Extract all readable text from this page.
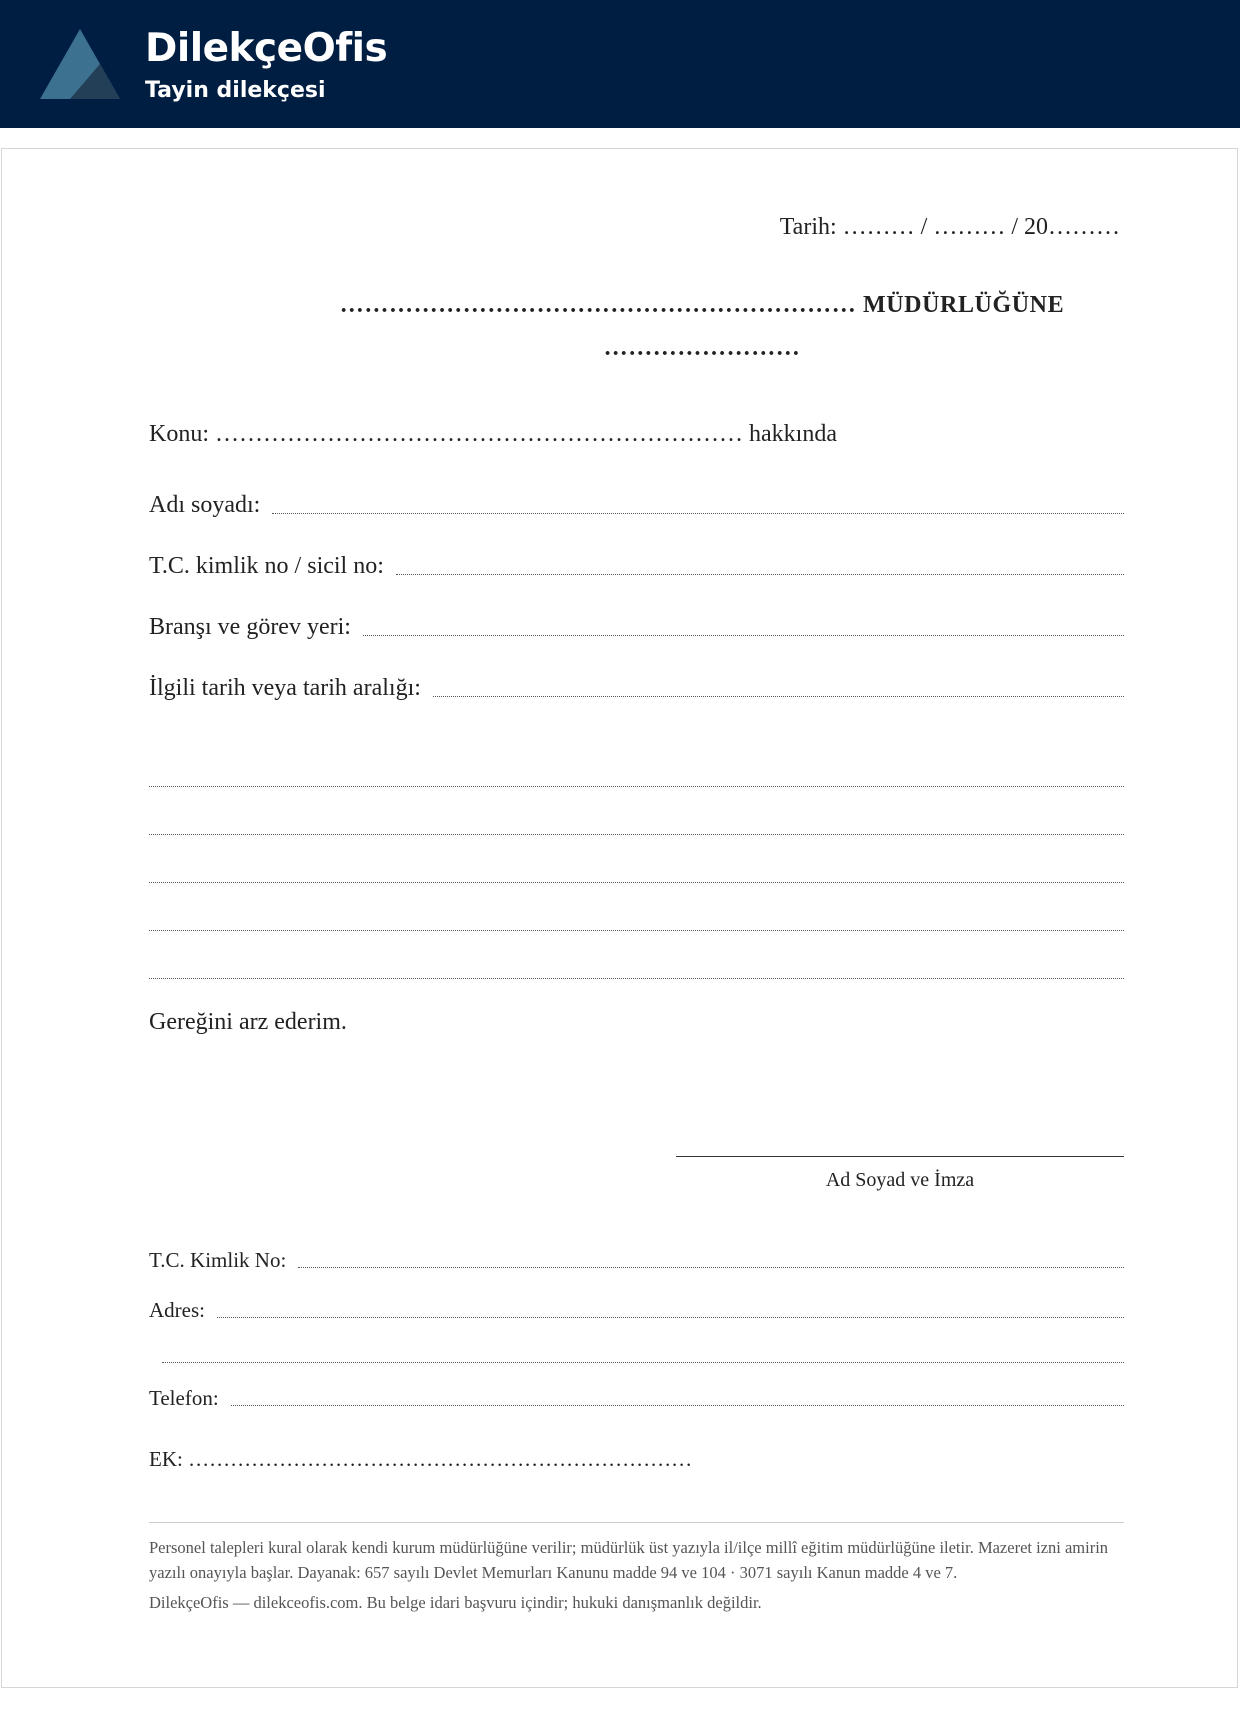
DilekçeOfis
Tayin dilekçesi
Tarih: ……… / ……… / 20………
……………………………………………………… MÜDÜRLÜĞÜNE
……………………
Konu: ………………………………………………………… hakkında
Adı soyadı:
T.C. kimlik no / sicil no:
Branşı ve görev yeri:
İlgili tarih veya tarih aralığı:
Gereğini arz ederim.
Ad Soyad ve İmza
T.C. Kimlik No:
Adres:
Telefon:
EK: ………………………………………………………………

Personel talepleri kural olarak kendi kurum müdürlüğüne verilir; müdürlük üst yazıyla il/ilçe millî eğitim müdürlüğüne iletir. Mazeret izni amirin yazılı onayıyla başlar. Dayanak: 657 sayılı Devlet Memurları Kanunu madde 94 ve 104 · 3071 sayılı Kanun madde 4 ve 7.

DilekçeOfis — dilekceofis.com. Bu belge idari başvuru içindir; hukuki danışmanlık değildir.
